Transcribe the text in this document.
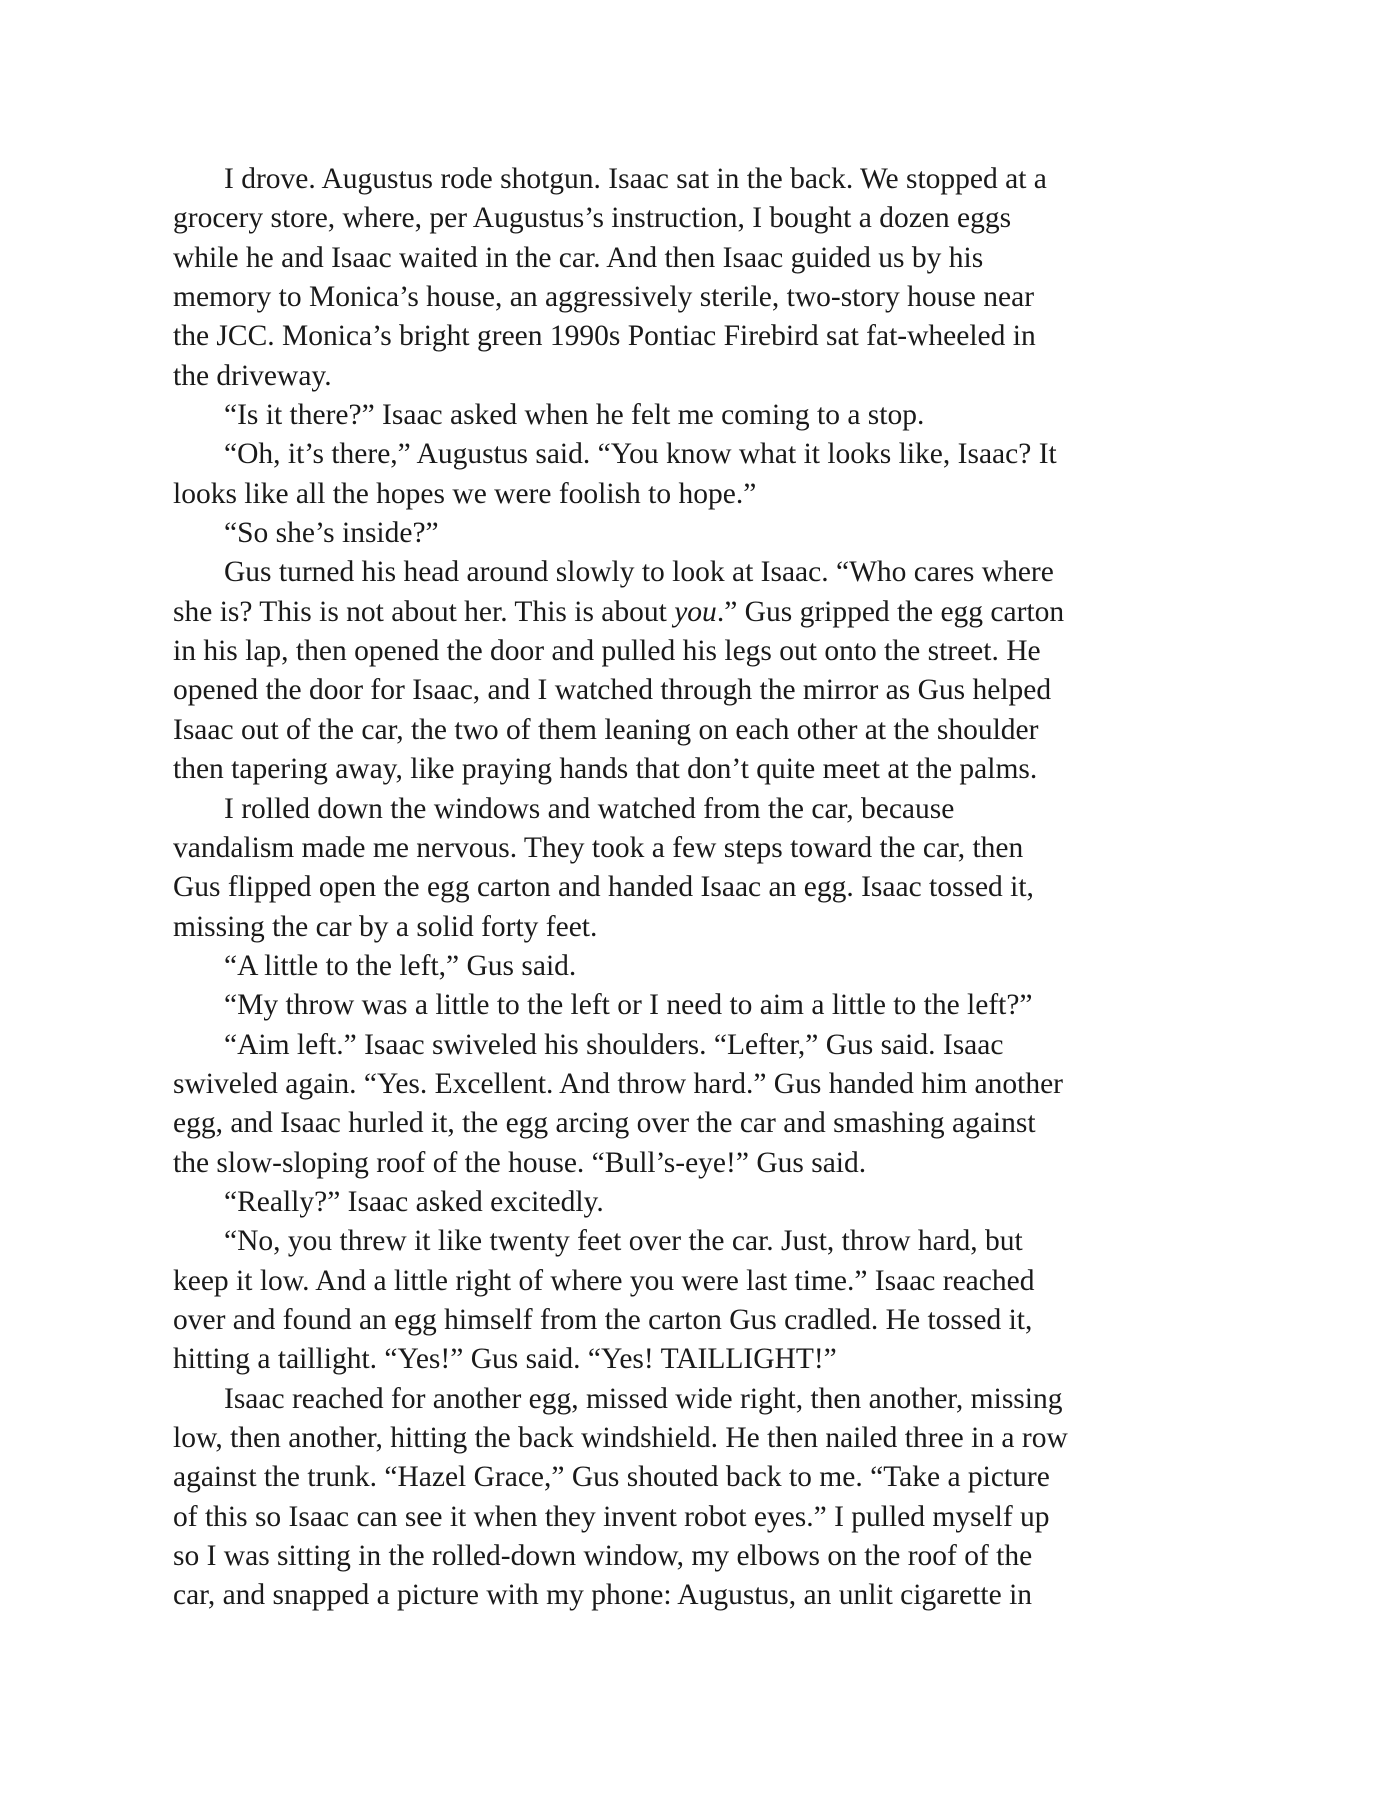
I drove. Augustus rode shotgun. Isaac sat in the back. We stopped at a
grocery store, where, per Augustus’s instruction, I bought a dozen eggs
while he and Isaac waited in the car. And then Isaac guided us by his
memory to Monica’s house, an aggressively sterile, two-story house near
the JCC. Monica’s bright green 1990s Pontiac Firebird sat fat-wheeled in
the driveway.

“Is it there?” Isaac asked when he felt me coming to a stop.

“Oh, it’s there,” Augustus said. “You know what it looks like, Isaac? It
looks like all the hopes we were foolish to hope.”

“So she’s inside?”

Gus turned his head around slowly to look at Isaac. “Who cares where
she is? This is not about her. This is about you.” Gus gripped the egg carton
in his lap, then opened the door and pulled his legs out onto the street. He
opened the door for Isaac, and I watched through the mirror as Gus helped
Isaac out of the car, the two of them leaning on each other at the shoulder
then tapering away, like praying hands that don’t quite meet at the palms.

I rolled down the windows and watched from the car, because
vandalism made me nervous. They took a few steps toward the car, then
Gus flipped open the egg carton and handed Isaac an egg. Isaac tossed it,
missing the car by a solid forty feet.

“A little to the left,” Gus said.

“My throw was a little to the left or I need to aim a little to the left?”

“Aim left.” Isaac swiveled his shoulders. “Lefter,” Gus said. Isaac
swiveled again. “Yes. Excellent. And throw hard.” Gus handed him another
egg, and Isaac hurled it, the egg arcing over the car and smashing against
the slow-sloping roof of the house. “Bull’s-eye!” Gus said.

“Really?” Isaac asked excitedly.

“No, you threw it like twenty feet over the car. Just, throw hard, but
keep it low. And a little right of where you were last time.” Isaac reached
over and found an egg himself from the carton Gus cradled. He tossed it,
hitting a taillight. “Yes!” Gus said. “Yes! TAILLIGHT!”

Isaac reached for another egg, missed wide right, then another, missing
low, then another, hitting the back windshield. He then nailed three in a row
against the trunk. “Hazel Grace,” Gus shouted back to me. “Take a picture
of this so Isaac can see it when they invent robot eyes.” I pulled myself up
so I was sitting in the rolled-down window, my elbows on the roof of the
car, and snapped a picture with my phone: Augustus, an unlit cigarette in
